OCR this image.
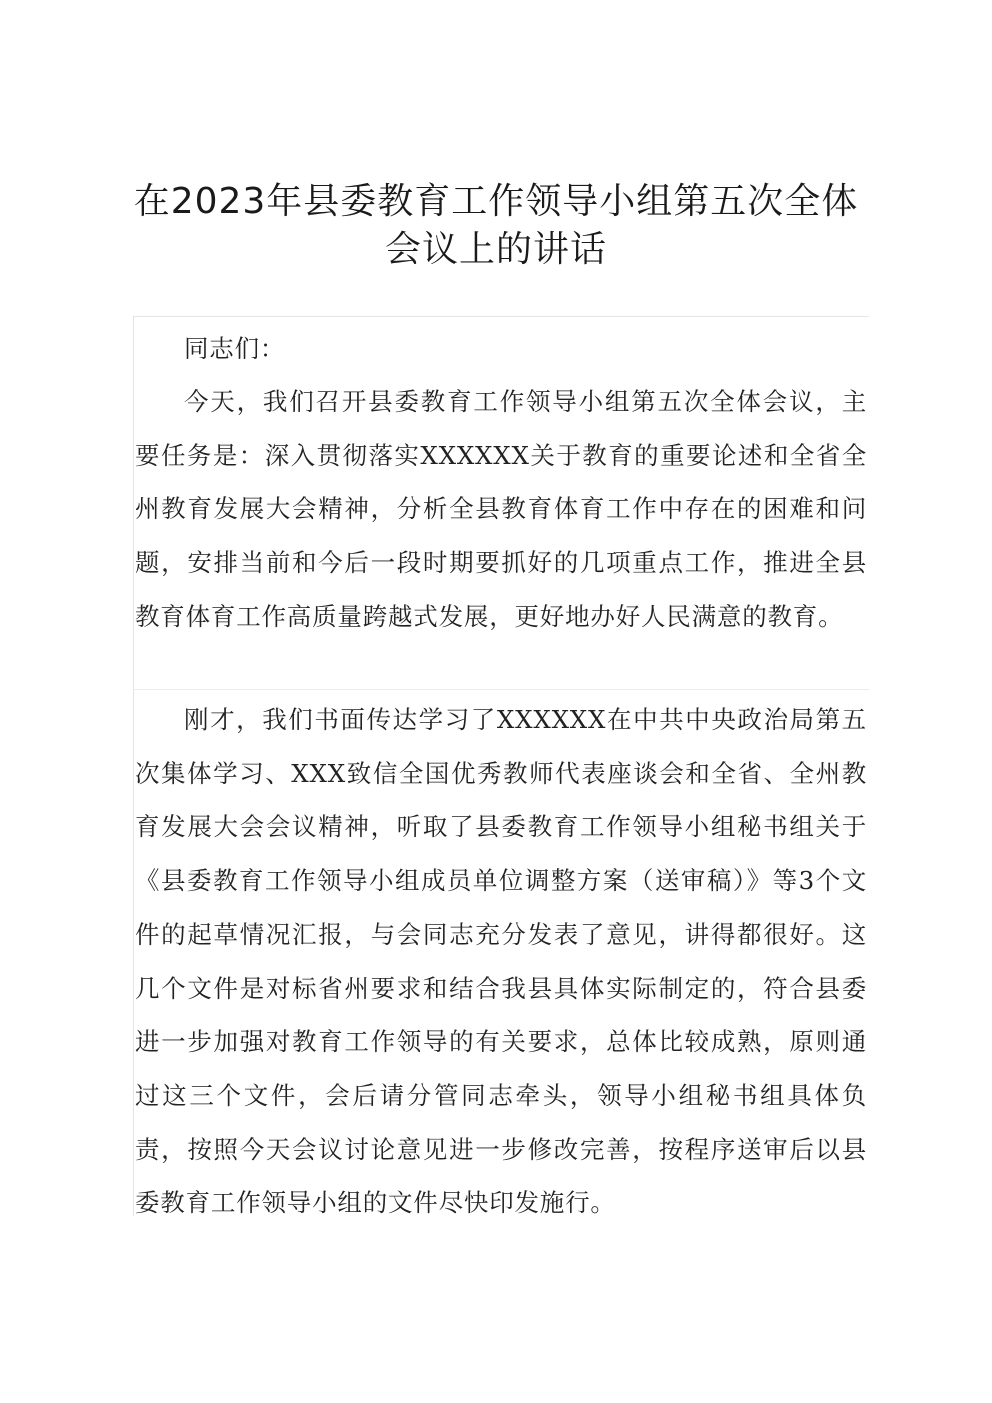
在2023年县委教育工作领导小组第五次全体
会议上的讲话

同志们：

今天，我们召开县委教育工作领导小组第五次全体会议，主要任务是：深入贯彻落实XXXXXX关于教育的重要论述和全省全州教育发展大会精神，分析全县教育体育工作中存在的困难和问题，安排当前和今后一段时期要抓好的几项重点工作，推进全县教育体育工作高质量跨越式发展，更好地办好人民满意的教育。

刚才，我们书面传达学习了XXXXXX在中共中央政治局第五次集体学习、XXX致信全国优秀教师代表座谈会和全省、全州教育发展大会会议精神，听取了县委教育工作领导小组秘书组关于《县委教育工作领导小组成员单位调整方案（送审稿）》等3个文件的起草情况汇报，与会同志充分发表了意见，讲得都很好。这几个文件是对标省州要求和结合我县具体实际制定的，符合县委进一步加强对教育工作领导的有关要求，总体比较成熟，原则通过这三个文件，会后请分管同志牵头，领导小组秘书组具体负责，按照今天会议讨论意见进一步修改完善，按程序送审后以县委教育工作领导小组的文件尽快印发施行。
